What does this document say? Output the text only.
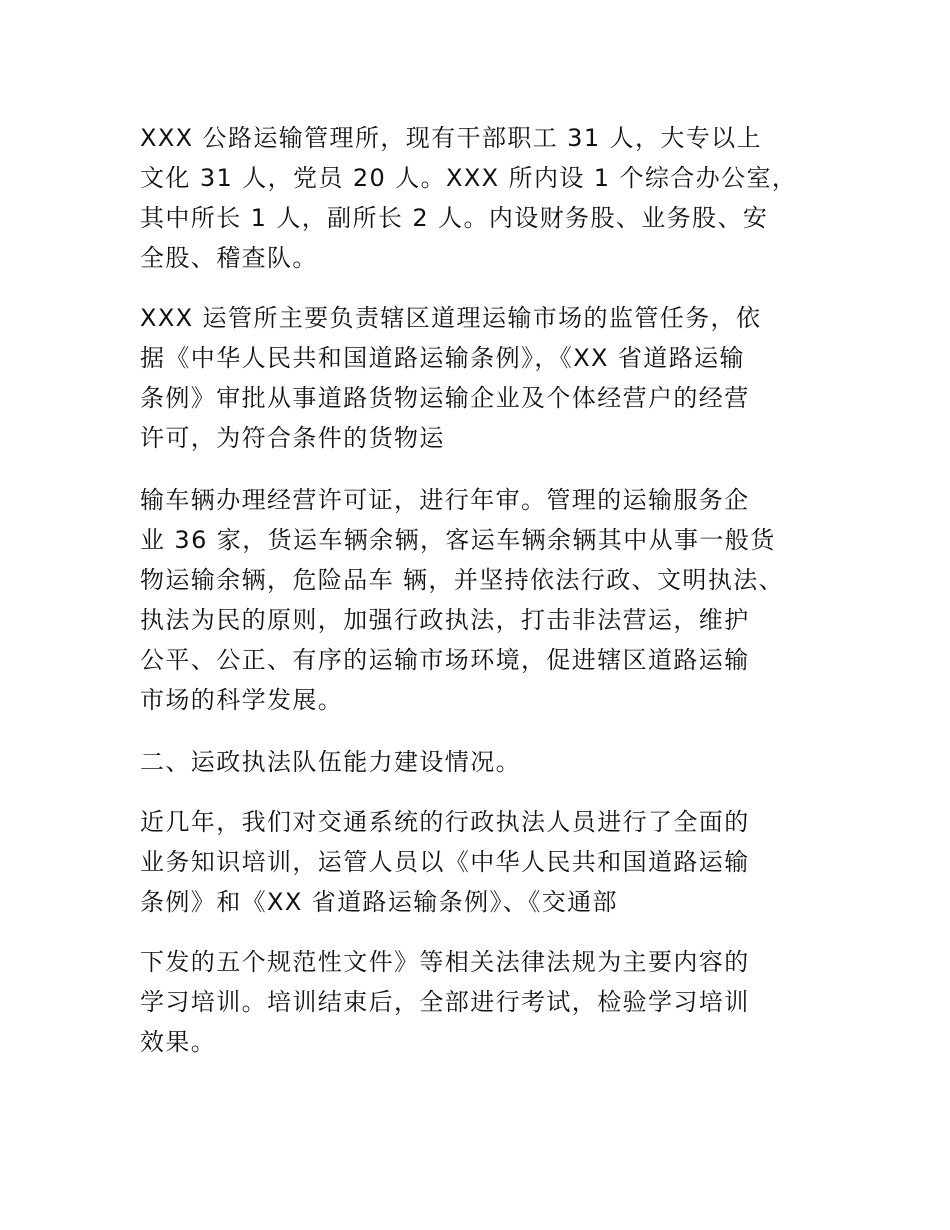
XXX 公路运输管理所，现有干部职工 31 人，大专以上
文化 31 人，党员 20 人。XXX 所内设 1 个综合办公室，
其中所长 1 人，副所长 2 人。内设财务股、业务股、安
全股、稽查队。

XXX 运管所主要负责辖区道理运输市场的监管任务，依
据《中华人民共和国道路运输条例》，《XX 省道路运输
条例》审批从事道路货物运输企业及个体经营户的经营
许可，为符合条件的货物运

输车辆办理经营许可证，进行年审。管理的运输服务企
业 36 家，货运车辆余辆，客运车辆余辆其中从事一般货
物运输余辆，危险品车 辆，并坚持依法行政、文明执法、
执法为民的原则，加强行政执法，打击非法营运，维护
公平、公正、有序的运输市场环境，促进辖区道路运输
市场的科学发展。

二、运政执法队伍能力建设情况。

近几年，我们对交通系统的行政执法人员进行了全面的
业务知识培训，运管人员以《中华人民共和国道路运输
条例》和《XX 省道路运输条例》、《交通部

下发的五个规范性文件》等相关法律法规为主要内容的
学习培训。培训结束后，全部进行考试，检验学习培训
效果。
